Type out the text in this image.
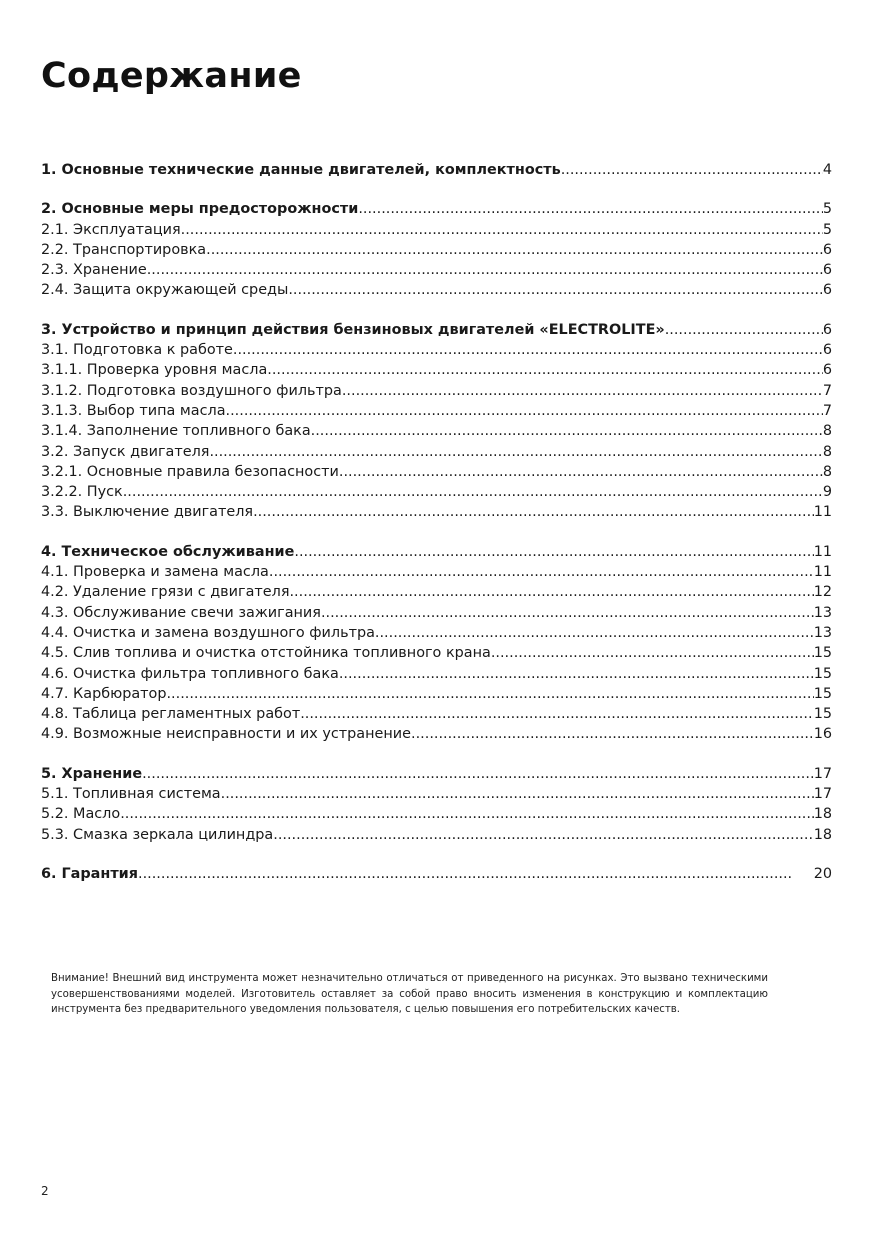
Содержание
1. Основные технические данные двигателей, комплектность .....	4
2. Основные меры предосторожности .....	5
2.1. Эксплуатация .....	5
2.2. Транспортировка .....	6
2.3. Хранение .....	6
2.4. Защита окружающей среды .....	6
3. Устройство и принцип действия бензиновых двигателей «ELECTROLITE» .....	6
3.1. Подготовка к работе .....	6
3.1.1. Проверка уровня масла .....	6
3.1.2. Подготовка воздушного фильтра .....	7
3.1.3. Выбор типа масла .....	7
3.1.4. Заполнение топливного бака .....	8
3.2. Запуск двигателя .....	8
3.2.1. Основные правила безопасности .....	8
3.2.2. Пуск .....	9
3.3. Выключение двигателя .....	11
4. Техническое обслуживание .....	11
4.1. Проверка и замена масла .....	11
4.2. Удаление грязи с двигателя .....	12
4.3. Обслуживание свечи зажигания .....	13
4.4. Очистка и замена воздушного фильтра .....	13
4.5. Слив топлива и очистка отстойника топливного крана .....	15
4.6. Очистка фильтра топливного бака .....	15
4.7. Карбюратор .....	15
4.8. Таблица регламентных работ .....	15
4.9. Возможные неисправности и их устранение .....	16
5. Хранение .....	17
5.1. Топливная система .....	17
5.2. Масло .....	18
5.3. Смазка зеркала цилиндра .....	18
6. Гарантия .....	20

Внимание! Внешний вид инструмента может незначительно отличаться от приведенного на рисунках. Это вызвано техническими усовершенствованиями моделей. Изготовитель оставляет за собой право вносить изменения в конструкцию и комплектацию инструмента без предварительного уведомления пользователя, с целью повышения его потребительских качеств.

2
